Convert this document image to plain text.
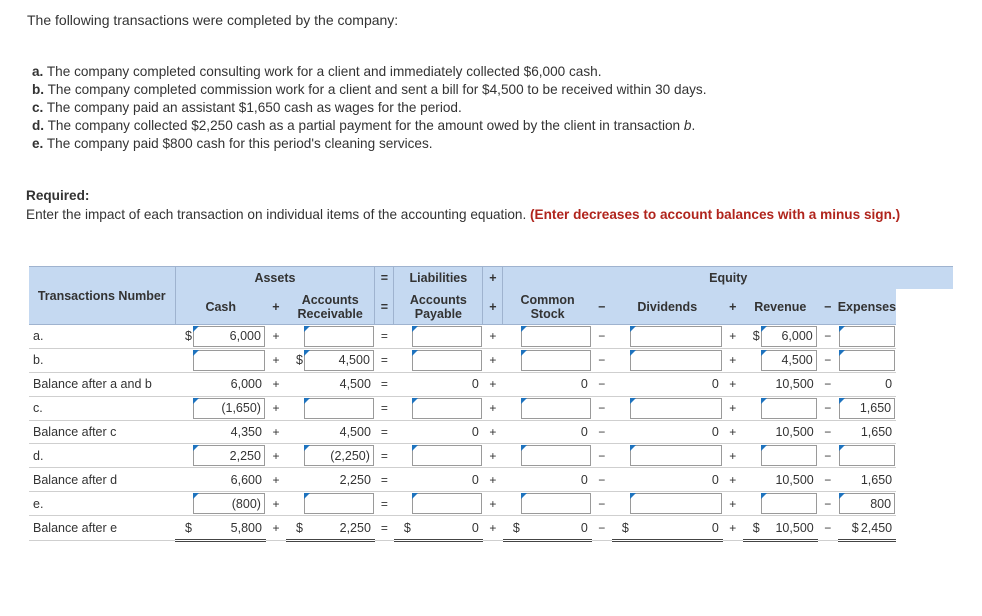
The following transactions were completed by the company:
a. The company completed consulting work for a client and immediately collected $6,000 cash.
b. The company completed commission work for a client and sent a bill for $4,500 to be received within 30 days.
c. The company paid an assistant $1,650 cash as wages for the period.
d. The company collected $2,250 cash as a partial payment for the amount owed by the client in transaction b.
e. The company paid $800 cash for this period's cleaning services.
Required:
Enter the impact of each transaction on individual items of the accounting equation. (Enter decreases to account balances with a minus sign.)
Transactions Number	Assets					=	Liabilities		+	Equity									
	Cash		+	Accounts Receivable		=	Accounts Payable		+	Common Stock		−	Dividends		+	Revenue		−	Expenses
a.	$	6,000	+			=			+			−			+	$	6,000	−	

b.			+	$	4,500	=			+			−			+		4,500	−	

Balance after a and b		6,000	+		4,500	=		0	+		0	−		0	+		10,500	−	0
c.		(1,650)	+			=			+			−			+			−	1,650

Balance after c		4,350	+		4,500	=		0	+		0	−		0	+		10,500	−	1,650
d.		2,250	+		(2,250)	=			+			−			+			−	

Balance after d		6,600	+		2,250	=		0	+		0	−		0	+		10,500	−	1,650
e.		(800)	+			=			+			−			+			−	800

Balance after e	$	5,800	+	$	2,250	=	$	0	+	$	0	−	$	0	+	$	10,500	−	$ 2,450
